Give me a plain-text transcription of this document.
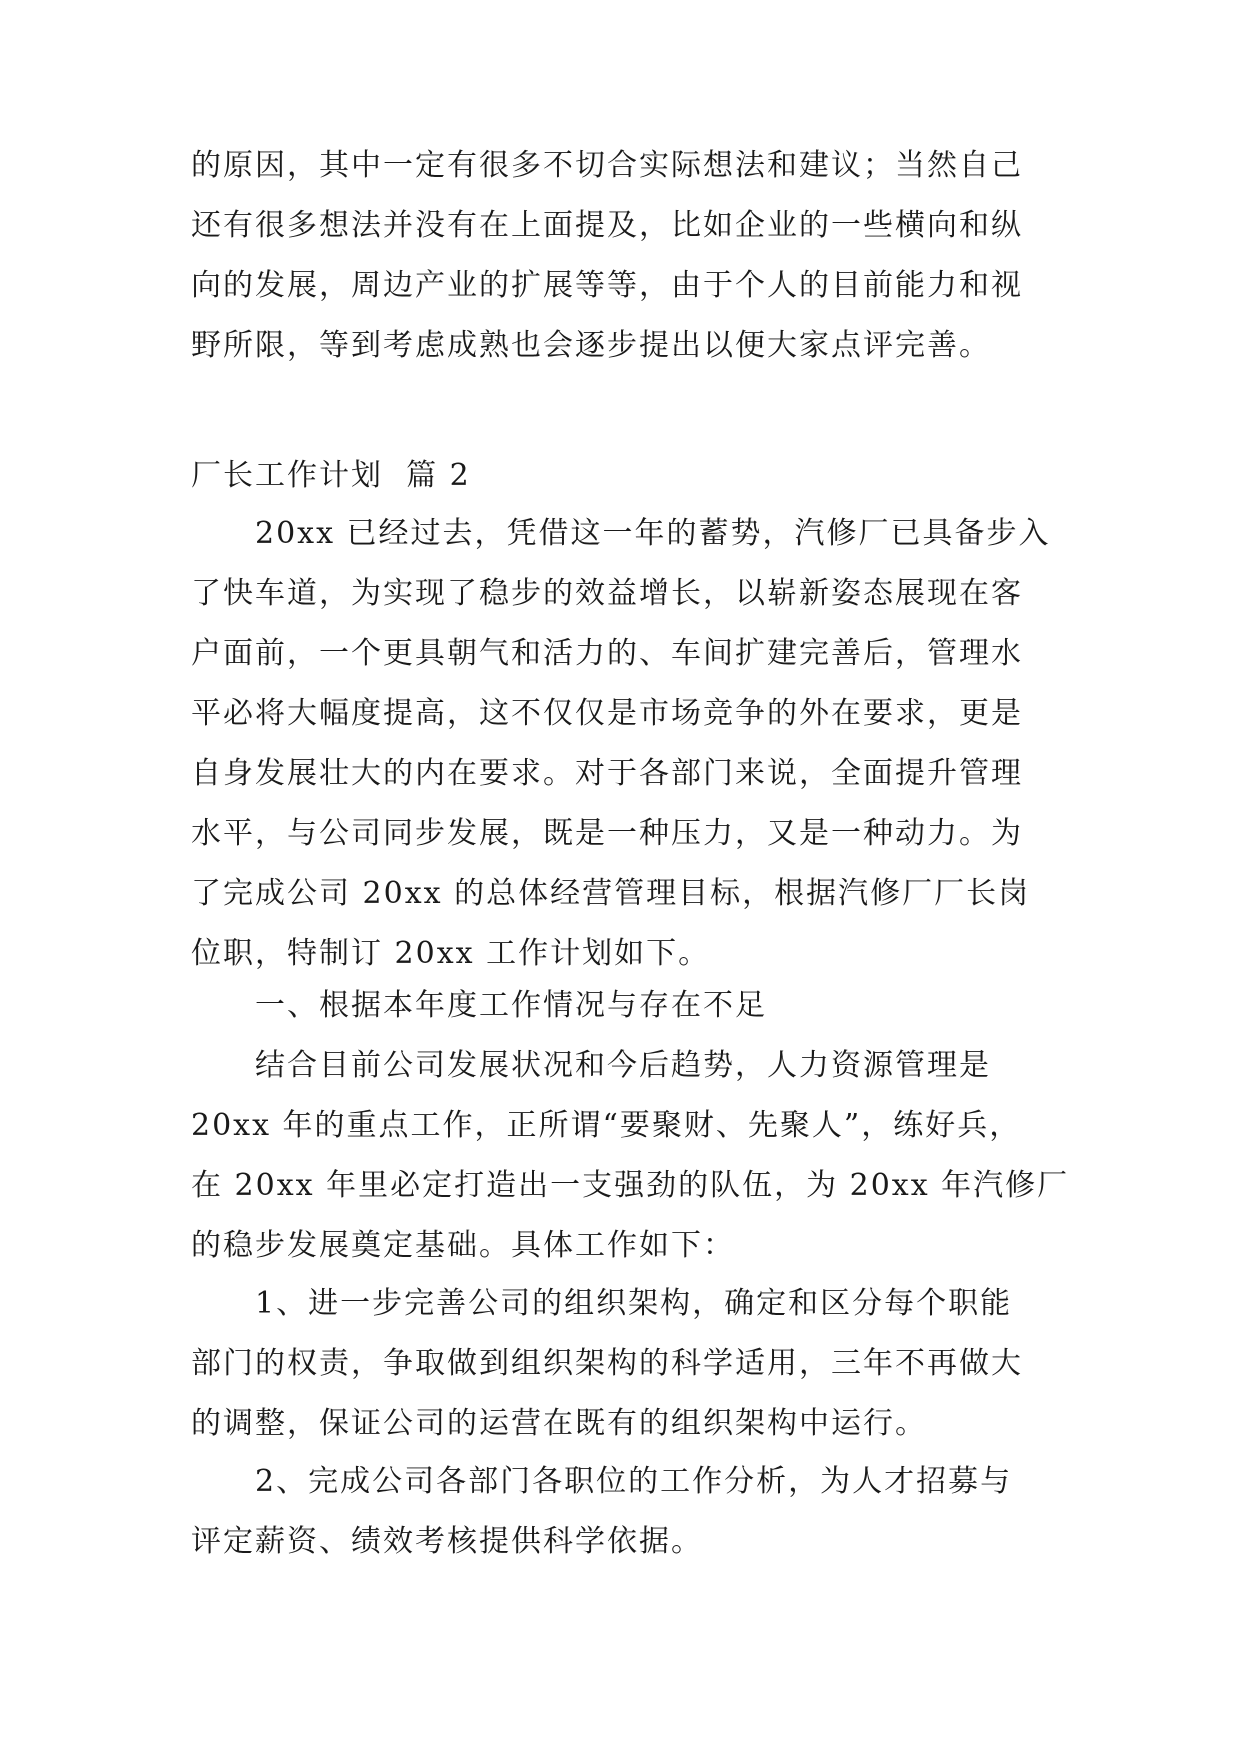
的原因，其中一定有很多不切合实际想法和建议；当然自己
还有很多想法并没有在上面提及，比如企业的一些横向和纵
向的发展，周边产业的扩展等等，由于个人的目前能力和视
野所限，等到考虑成熟也会逐步提出以便大家点评完善。
厂长工作计划  篇 2
20xx 已经过去，凭借这一年的蓄势，汽修厂已具备步入
了快车道，为实现了稳步的效益增长，以崭新姿态展现在客
户面前，一个更具朝气和活力的、车间扩建完善后，管理水
平必将大幅度提高，这不仅仅是市场竞争的外在要求，更是
自身发展壮大的内在要求。对于各部门来说，全面提升管理
水平，与公司同步发展，既是一种压力，又是一种动力。为
了完成公司 20xx 的总体经营管理目标，根据汽修厂厂长岗
位职，特制订 20xx 工作计划如下。
一、根据本年度工作情况与存在不足
结合目前公司发展状况和今后趋势，人力资源管理是
20xx 年的重点工作，正所谓“要聚财、先聚人”，练好兵，
在 20xx 年里必定打造出一支强劲的队伍，为 20xx 年汽修厂
的稳步发展奠定基础。具体工作如下：
1、进一步完善公司的组织架构，确定和区分每个职能
部门的权责，争取做到组织架构的科学适用，三年不再做大
的调整，保证公司的运营在既有的组织架构中运行。
2、完成公司各部门各职位的工作分析，为人才招募与
评定薪资、绩效考核提供科学依据。
